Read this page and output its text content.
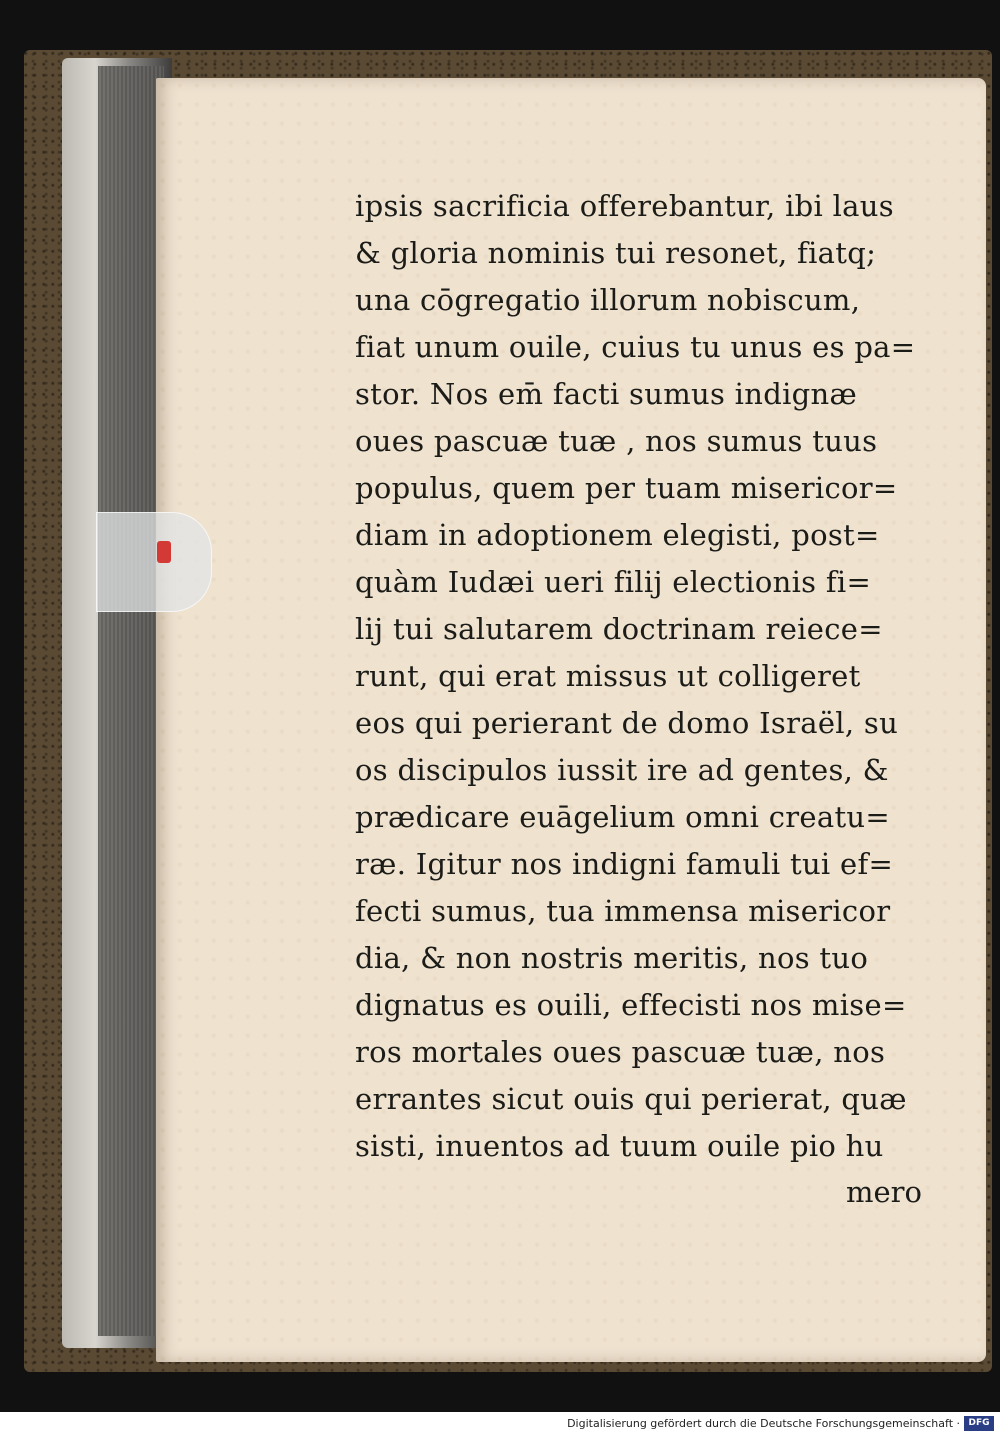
ipsis sacrificia offerebantur, ibi laus
& gloria nominis tui resonet, fiatq;
una cōgregatio illorum nobiscum,
fiat unum ouile, cuius tu unus es pa=
stor. Nos em̄ facti sumus indignæ
oues pascuæ tuæ , nos sumus tuus
populus, quem per tuam misericor=
diam in adoptionem elegisti, post=
quàm Iudæi ueri filij electionis fi=
lij tui salutarem doctrinam reiece=
runt, qui erat missus ut colligeret
eos qui perierant de domo Israël, su
os discipulos iussit ire ad gentes, &
prædicare euāgelium omni creatu=
ræ. Igitur nos indigni famuli tui ef=
fecti sumus, tua immensa misericor
dia, & non nostris meritis, nos tuo
dignatus es ouili, effecisti nos mise=
ros mortales oues pascuæ tuæ, nos
errantes sicut ouis qui perierat, quæ
sisti, inuentos ad tuum ouile pio hu
mero
Digitalisierung gefördert durch die Deutsche Forschungsgemeinschaft · DFG
